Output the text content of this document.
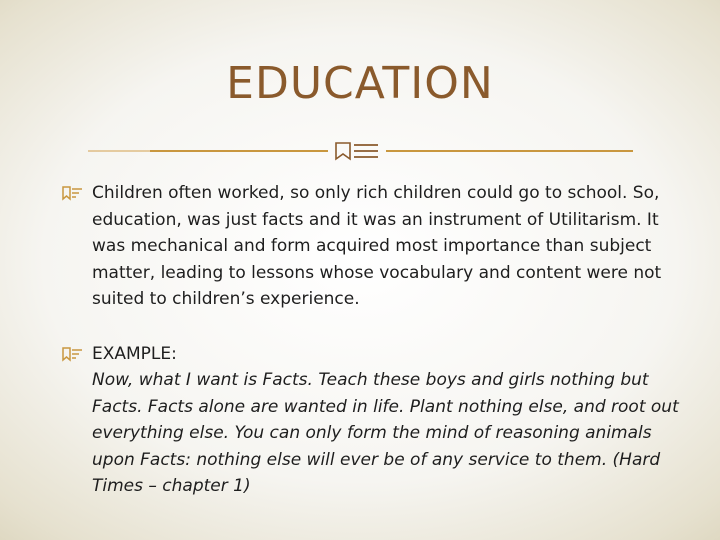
EDUCATION
Children often worked, so only rich children could go to school. So, education, was just facts and it was an instrument of Utilitarism. It was mechanical and form acquired most importance than subject matter, leading to lessons whose vocabulary and content were not suited to children’s experience.
EXAMPLE:

Now, what I want is Facts. Teach these boys and girls nothing but Facts. Facts alone are wanted in life. Plant nothing else, and root out everything else. You can only form the mind of reasoning animals upon Facts: nothing else will ever be of any service to them. (Hard Times – chapter 1)
